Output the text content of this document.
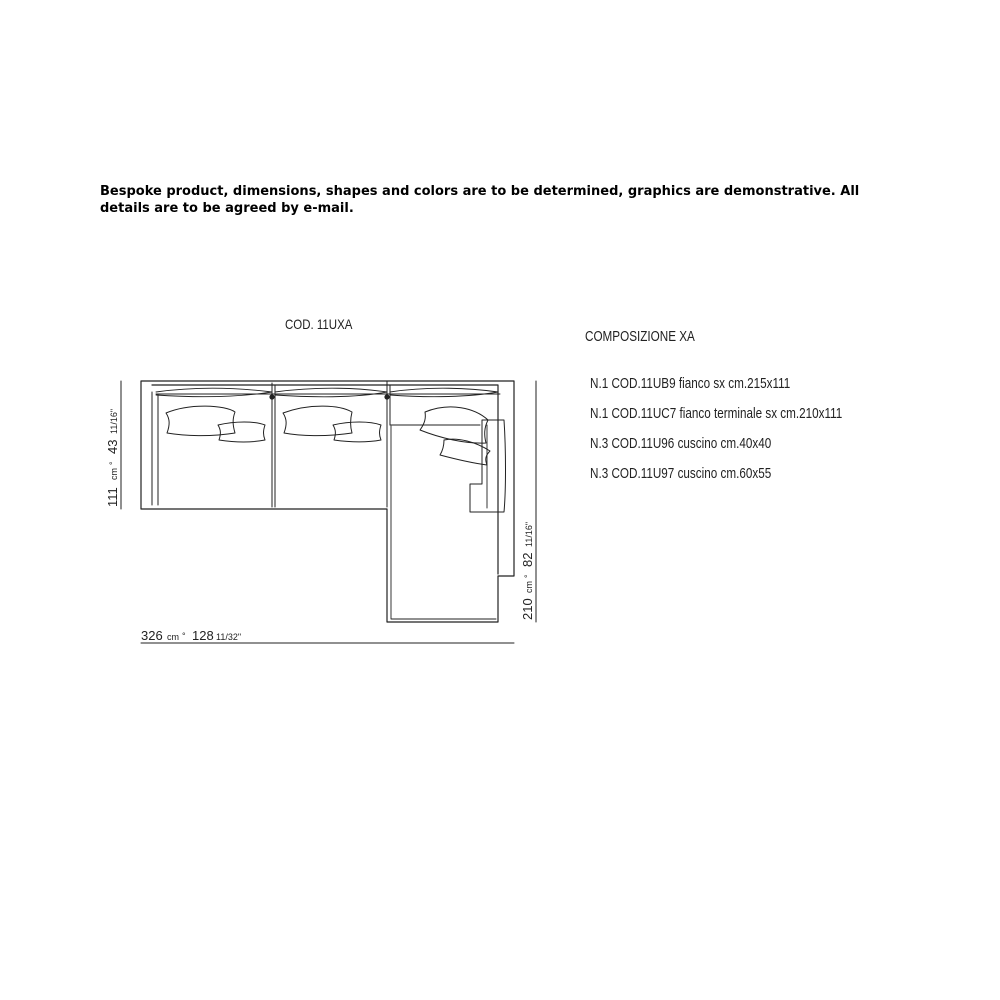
Bespoke product, dimensions, shapes and colors are to be determined, graphics are demonstrative. All details are to be agreed by e-mail.
COD. 11UXA
COMPOSIZIONE XA
N.1 COD.11UB9 fianco sx cm.215x111
N.1 COD.11UC7 fianco terminale sx cm.210x111
N.3 COD.11U96 cuscino cm.40x40
N.3 COD.11U97 cuscino cm.60x55
111
cm
°
43
11/16"
210
cm
°
82
11/16"
326 cm ° 128 11/32"
